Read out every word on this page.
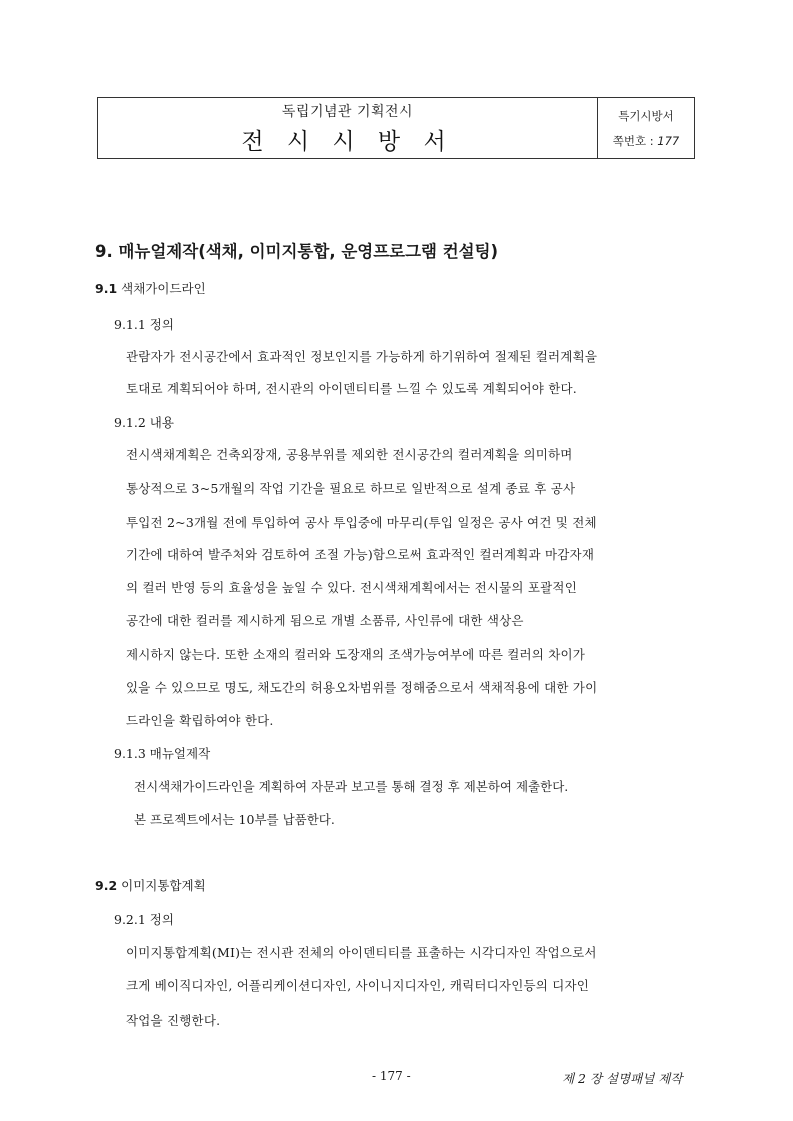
독립기념관 기획전시
전 시 시 방 서
특기시방서
쪽번호 : 177
9. 매뉴얼제작(색채, 이미지통합, 운영프로그램 컨설팅)
9.1 색채가이드라인
9.1.1 정의
관람자가 전시공간에서 효과적인 정보인지를 가능하게 하기위하여 절제된 컬러계획을
토대로 계획되어야 하며, 전시관의 아이덴티티를 느낄 수 있도록 계획되어야 한다.
9.1.2 내용
전시색채계획은 건축외장재, 공용부위를 제외한 전시공간의 컬러계획을 의미하며
통상적으로 3~5개월의 작업 기간을 필요로 하므로 일반적으로 설계 종료 후 공사
투입전 2~3개월 전에 투입하여 공사 투입중에 마무리(투입 일정은 공사 여건 및 전체
기간에 대하여 발주처와 검토하여 조절 가능)함으로써 효과적인 컬러계획과 마감자재
의 컬러 반영 등의 효율성을 높일 수 있다. 전시색채계획에서는 전시물의 포괄적인
공간에 대한 컬러를 제시하게 됨으로 개별 소품류, 사인류에 대한 색상은
제시하지 않는다. 또한 소재의 컬러와 도장재의 조색가능여부에 따른 컬러의 차이가
있을 수 있으므로 명도, 채도간의 허용오차범위를 정해줌으로서 색채적용에 대한 가이
드라인을 확립하여야 한다.
9.1.3 매뉴얼제작
전시색채가이드라인을 계획하여 자문과 보고를 통해 결정 후 제본하여 제출한다.
본 프로젝트에서는 10부를 납품한다.
9.2 이미지통합계획
9.2.1 정의
이미지통합계획(MI)는 전시관 전체의 아이덴티티를 표출하는 시각디자인 작업으로서
크게 베이직디자인, 어플리케이션디자인, 사이니지디자인, 캐릭터디자인등의 디자인
작업을 진행한다.
- 177 -	제 2 장 설명패널 제작
